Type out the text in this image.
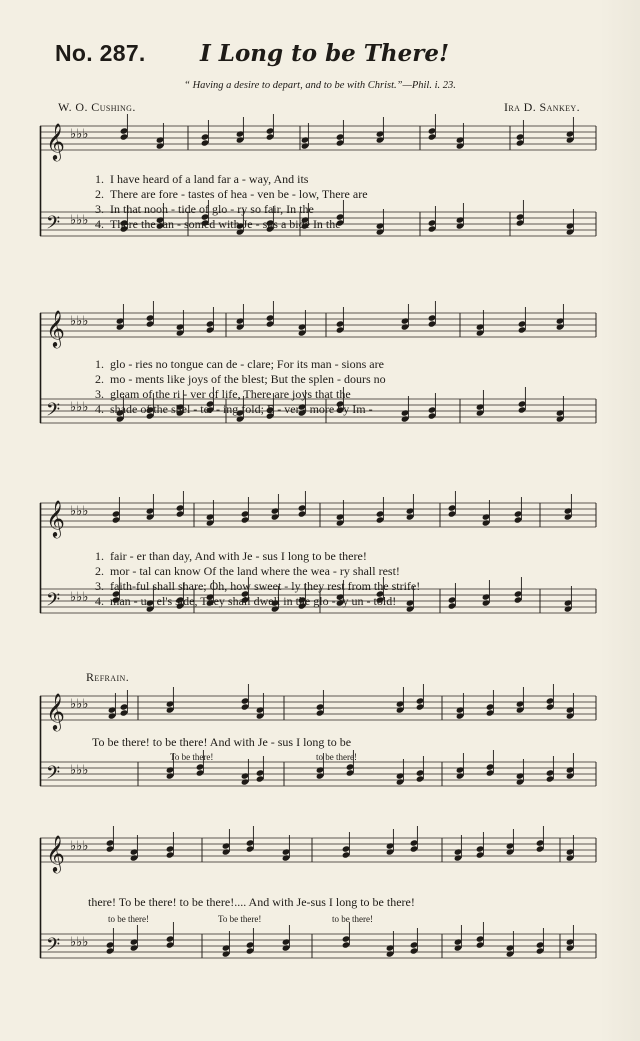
No. 287. I Long to be There!
“ Having a desire to depart, and to be with Christ.”—Phil. i. 23.
W. O. Cushing.	Ira D. Sankey.
𝄞 ♭♭♭
𝄢 ♭♭♭
1. I have heard of a land far a - way, And its
2. There are fore - tastes of hea - ven be - low, There are
3. In that noon - tide of glo - ry so fair, In the
4. There the ran - somed with Je - sus a bide In the
𝄞 ♭♭♭
𝄢 ♭♭♭
1. glo - ries no tongue can de - clare; For its man - sions are
2. mo - ments like joys of the blest; But the splen - dours no
3. gleam of the ri - ver of life, There are joys that the
4. shade of the shel - ter - ing fold; E - ver - more by Im -
𝄞 ♭♭♭
𝄢 ♭♭♭
1. fair - er than day, And with Je - sus I long to be there!
2. mor - tal can know Of the land where the wea - ry shall rest!
3. faith-ful shall share; Oh, how sweet - ly they rest from the strife!
4. man - u - el's side, They shall dwell in the glo - ry un - told!
Refrain.
𝄞 ♭♭♭
𝄢 ♭♭♭
To be there! to be there! And with Je - sus I long to be
To be there!	to be there!
𝄞 ♭♭♭
𝄢 ♭♭♭
there! To be there! to be there!.... And with Je-sus I long to be there!
to be there!	To be there!	to be there!
